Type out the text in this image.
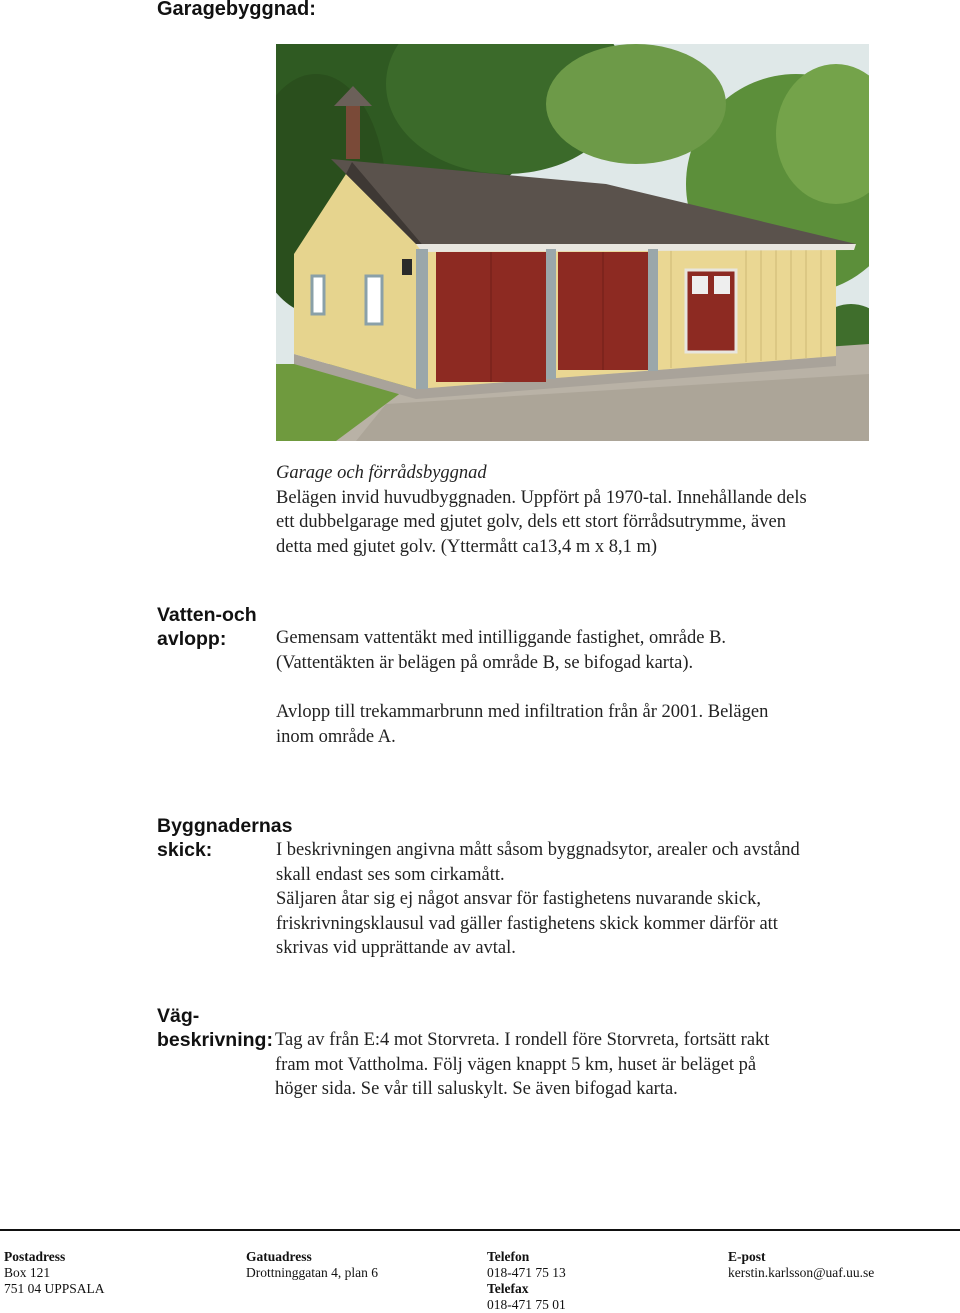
Garagebyggnad:
Garage och förrådsbyggnad
Belägen invid huvudbyggnaden. Uppfört på 1970-tal. Innehållande dels
ett dubbelgarage med gjutet golv, dels ett stort förrådsutrymme, även
detta med gjutet golv. (Yttermått ca13,4 m x 8,1 m)
Vatten-och
avlopp:	Gemensam vattentäkt med intilliggande fastighet, område B.
(Vattentäkten är belägen på område B, se bifogad karta).
Avlopp till trekammarbrunn med infiltration från år 2001. Belägen
inom område A.
Byggnadernas
skick:	I beskrivningen angivna mått såsom byggnadsytor, arealer och avstånd
skall endast ses som cirkamått.
Säljaren åtar sig ej något ansvar för fastighetens nuvarande skick,
friskrivningsklausul vad gäller fastighetens skick kommer därför att
skrivas vid upprättande av avtal.
Väg-
beskrivning: Tag av från E:4 mot Storvreta. I rondell före Storvreta, fortsätt rakt
fram mot Vattholma. Följ vägen knappt 5 km, huset är beläget på
höger sida. Se vår till saluskylt. Se även bifogad karta.
Postadress
Box 121
751 04 UPPSALA
Gatuadress
Drottninggatan 4, plan 6
Telefon
018-471 75 13
Telefax
018-471 75 01
E-post
kerstin.karlsson@uaf.uu.se
